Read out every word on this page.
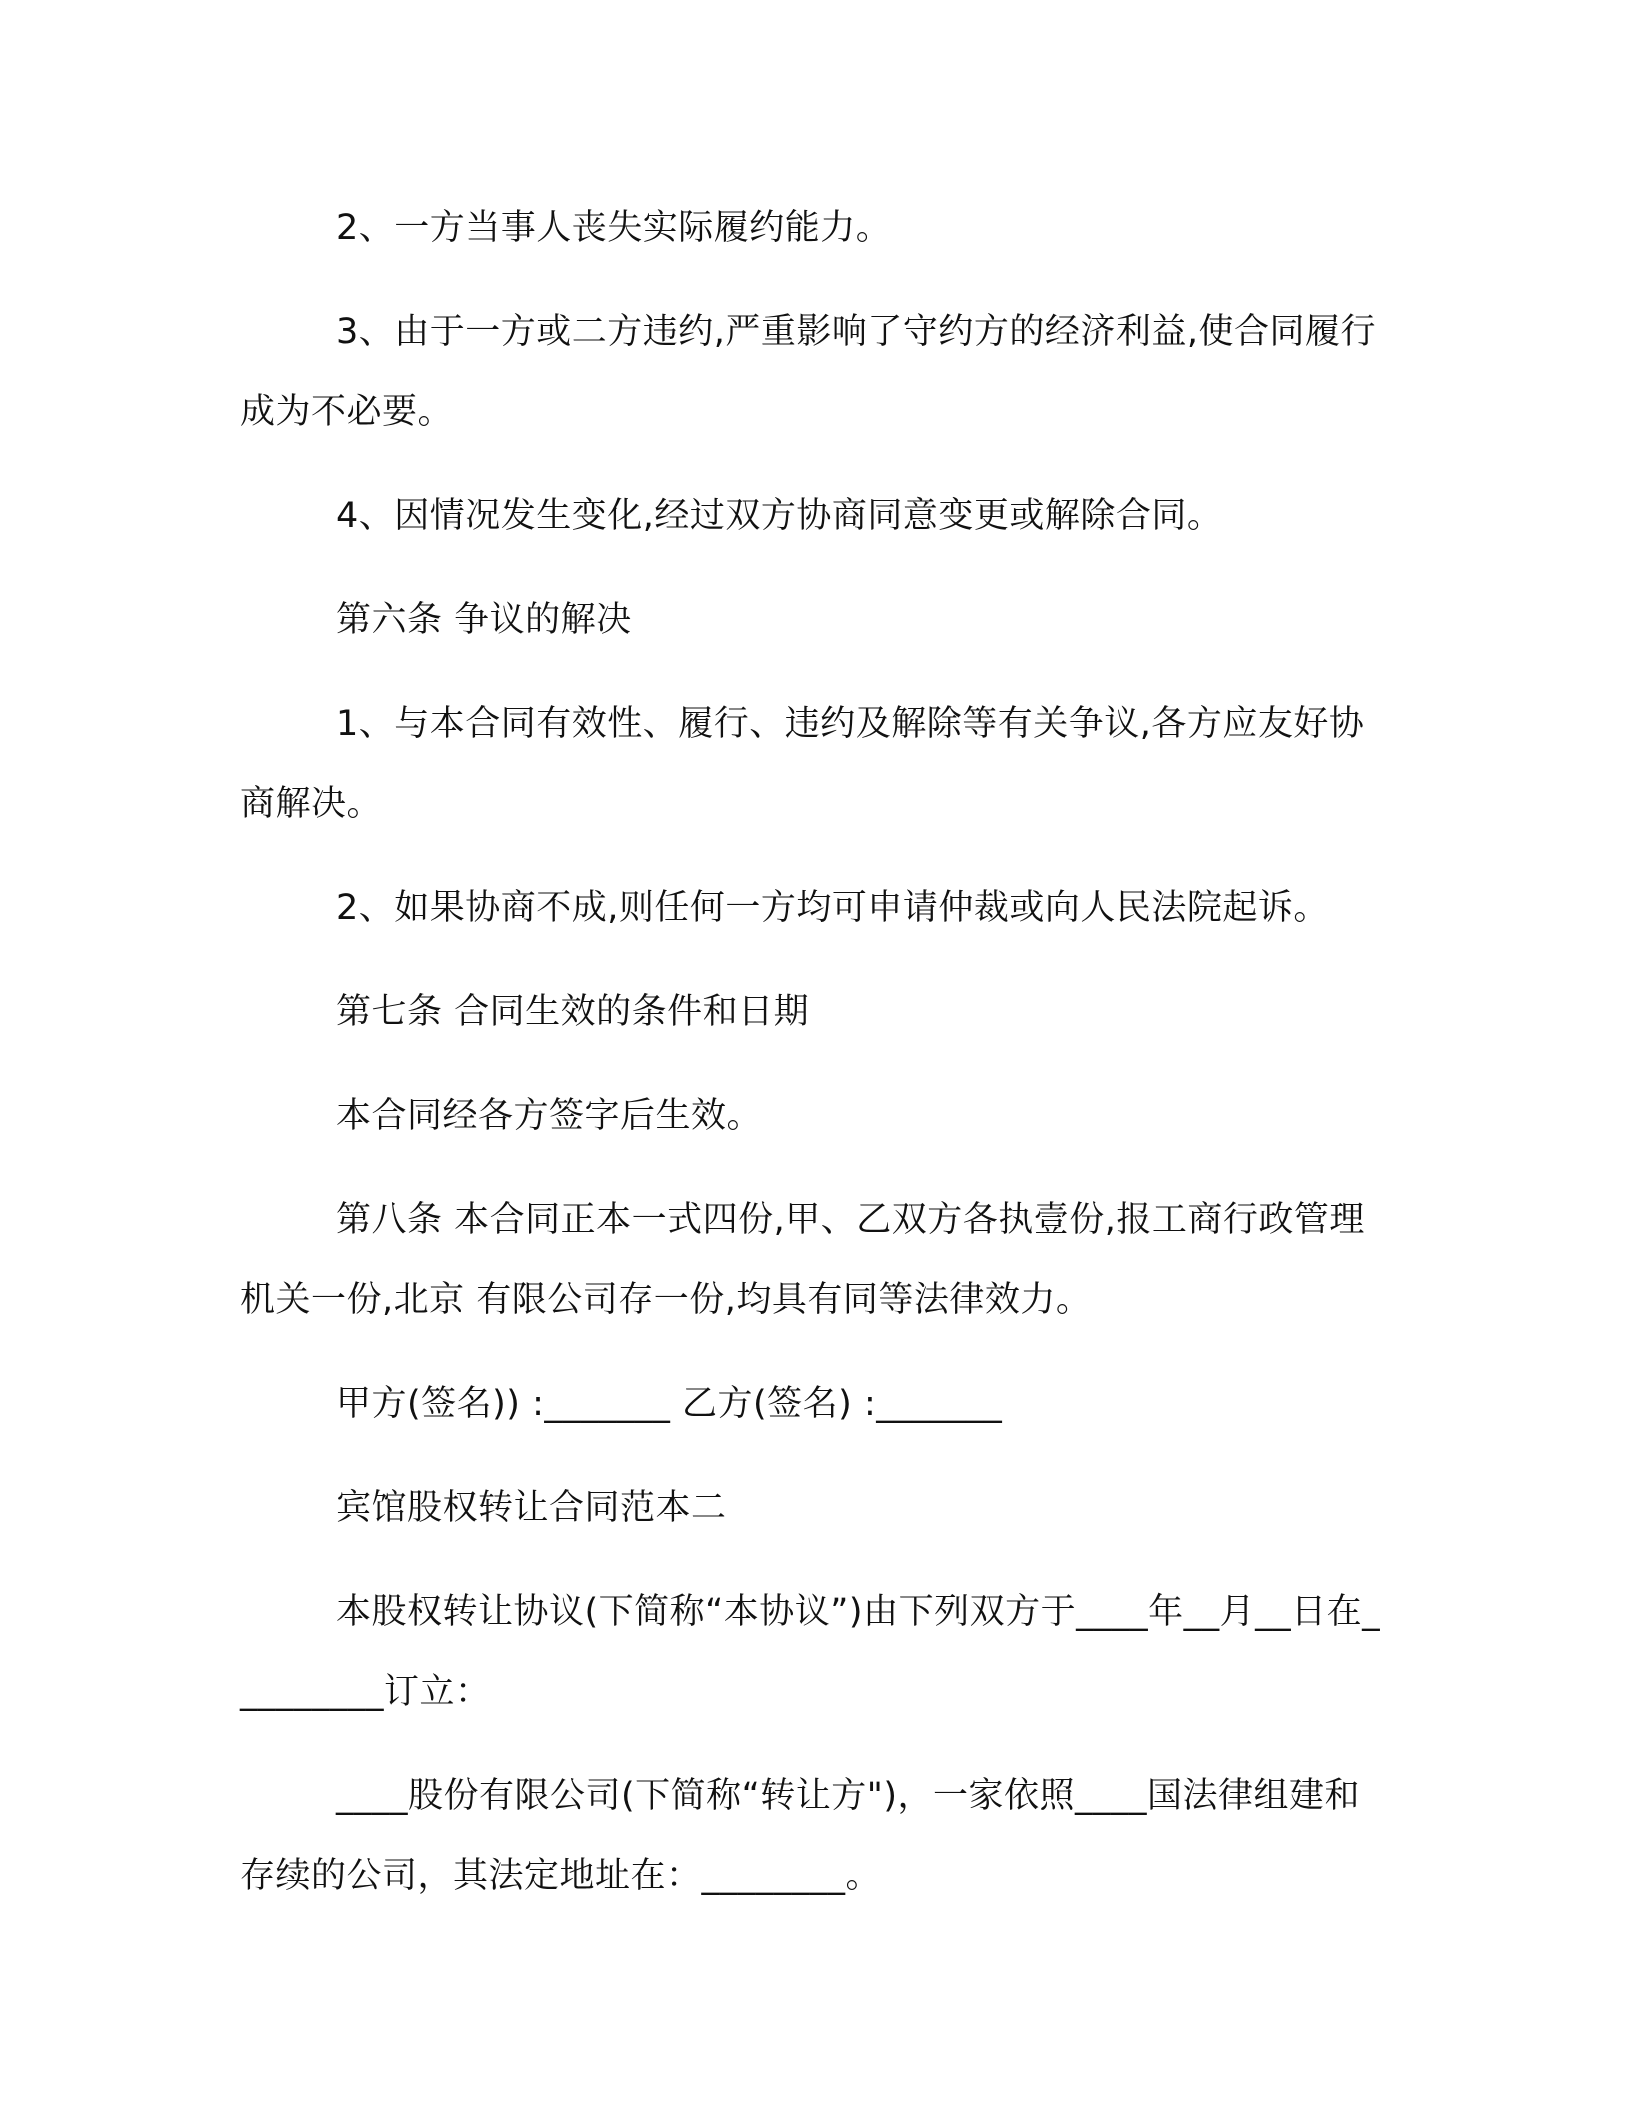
2、一方当事人丧失实际履约能力。

3、由于一方或二方违约,严重影响了守约方的经济利益,使合同履行成为不必要。

4、因情况发生变化,经过双方协商同意变更或解除合同。

第六条 争议的解决

1、与本合同有效性、履行、违约及解除等有关争议,各方应友好协商解决。

2、如果协商不成,则任何一方均可申请仲裁或向人民法院起诉。

第七条 合同生效的条件和日期

本合同经各方签字后生效。

第八条 本合同正本一式四份,甲、乙双方各执壹份,报工商行政管理机关一份,北京 有限公司存一份,均具有同等法律效力。

甲方(签名)) :_______ 乙方(签名) :_______

宾馆股权转让合同范本二

本股权转让协议(下简称“本协议”)由下列双方于____年__月__日在_________订立：

____股份有限公司(下简称“转让方")，一家依照____国法律组建和存续的公司，其法定地址在：________。
